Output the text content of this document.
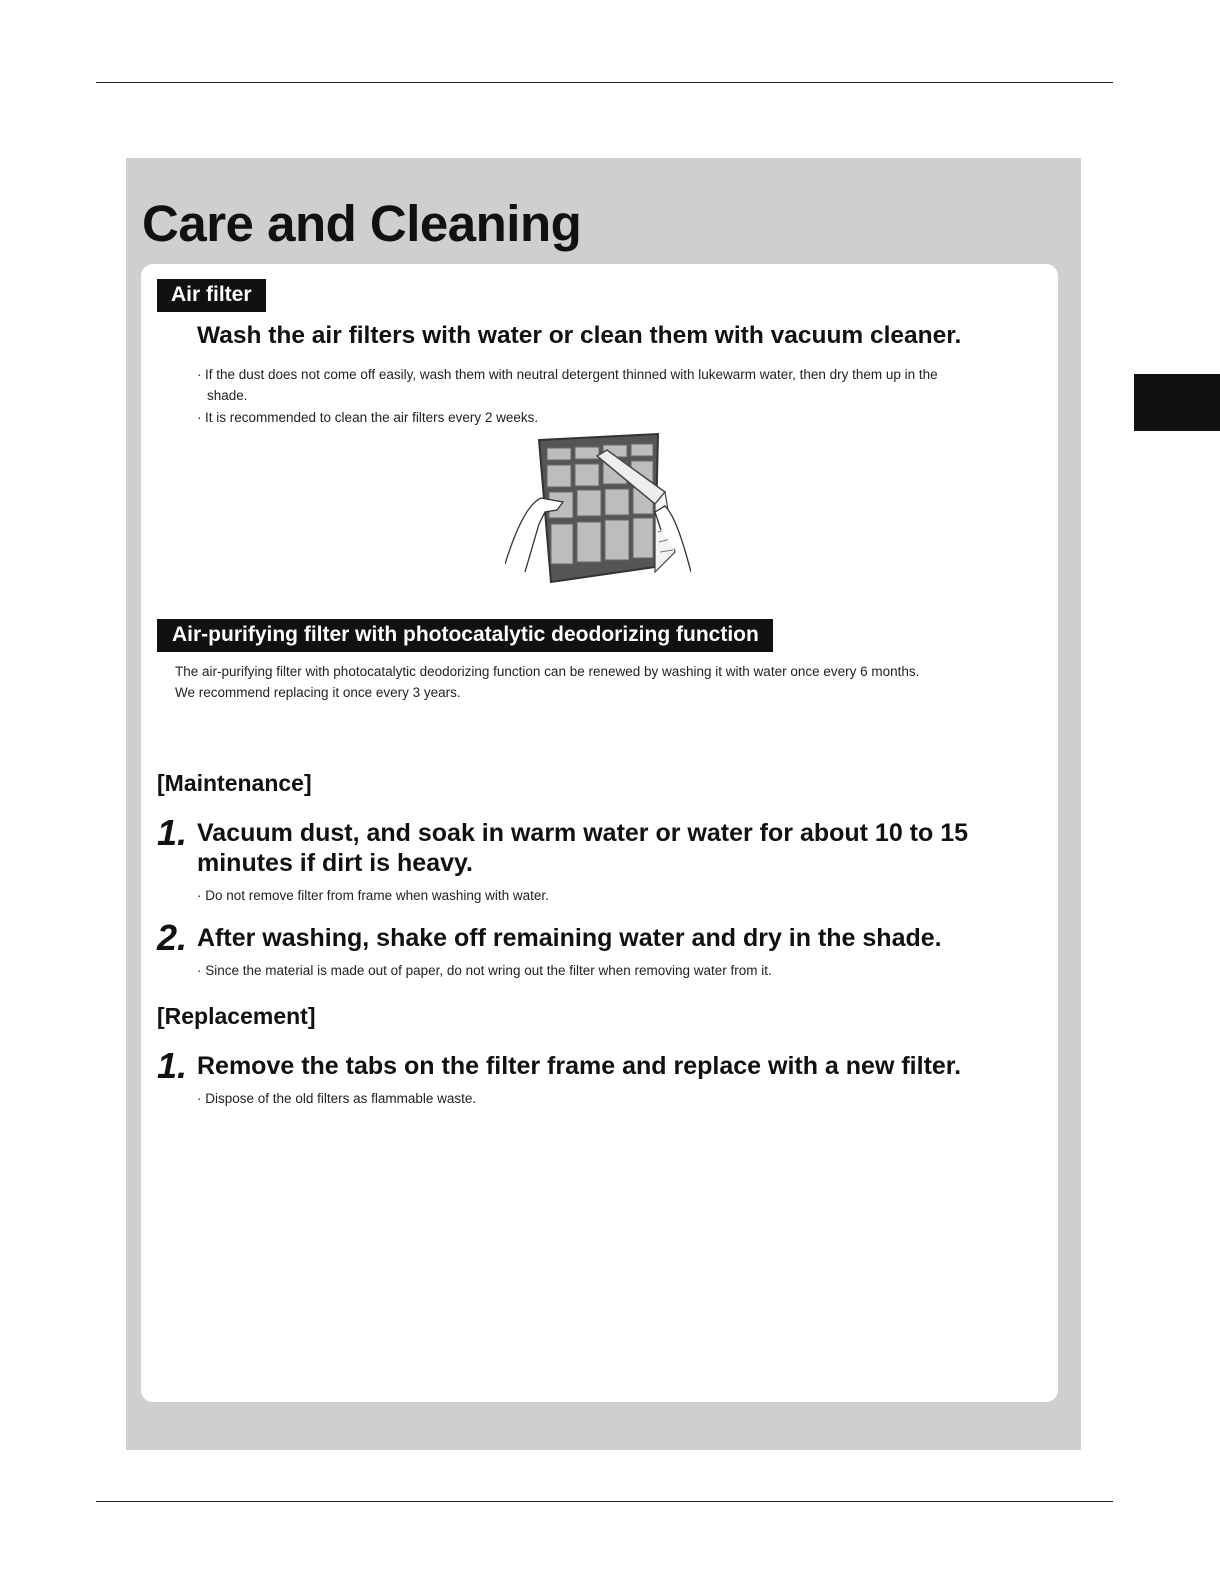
Care and Cleaning
Air filter
Wash the air filters with water or clean them with vacuum cleaner.

· If the dust does not come off easily, wash them with neutral detergent thinned with lukewarm water, then dry them up in the
shade.

· It is recommended to clean the air filters every 2 weeks.

Air-purifying filter with photocatalytic deodorizing function

The air-purifying filter with photocatalytic deodorizing function can be renewed by washing it with water once every 6 months.
We recommend replacing it once every 3 years.

[Maintenance]
1. Vacuum dust, and soak in warm water or water for about 10 to 15
minutes if dirt is heavy.

· Do not remove filter from frame when washing with water.

2. After washing, shake off remaining water and dry in the shade.

· Since the material is made out of paper, do not wring out the filter when removing water from it.

[Replacement]
1. Remove the tabs on the filter frame and replace with a new filter.

· Dispose of the old filters as flammable waste.
